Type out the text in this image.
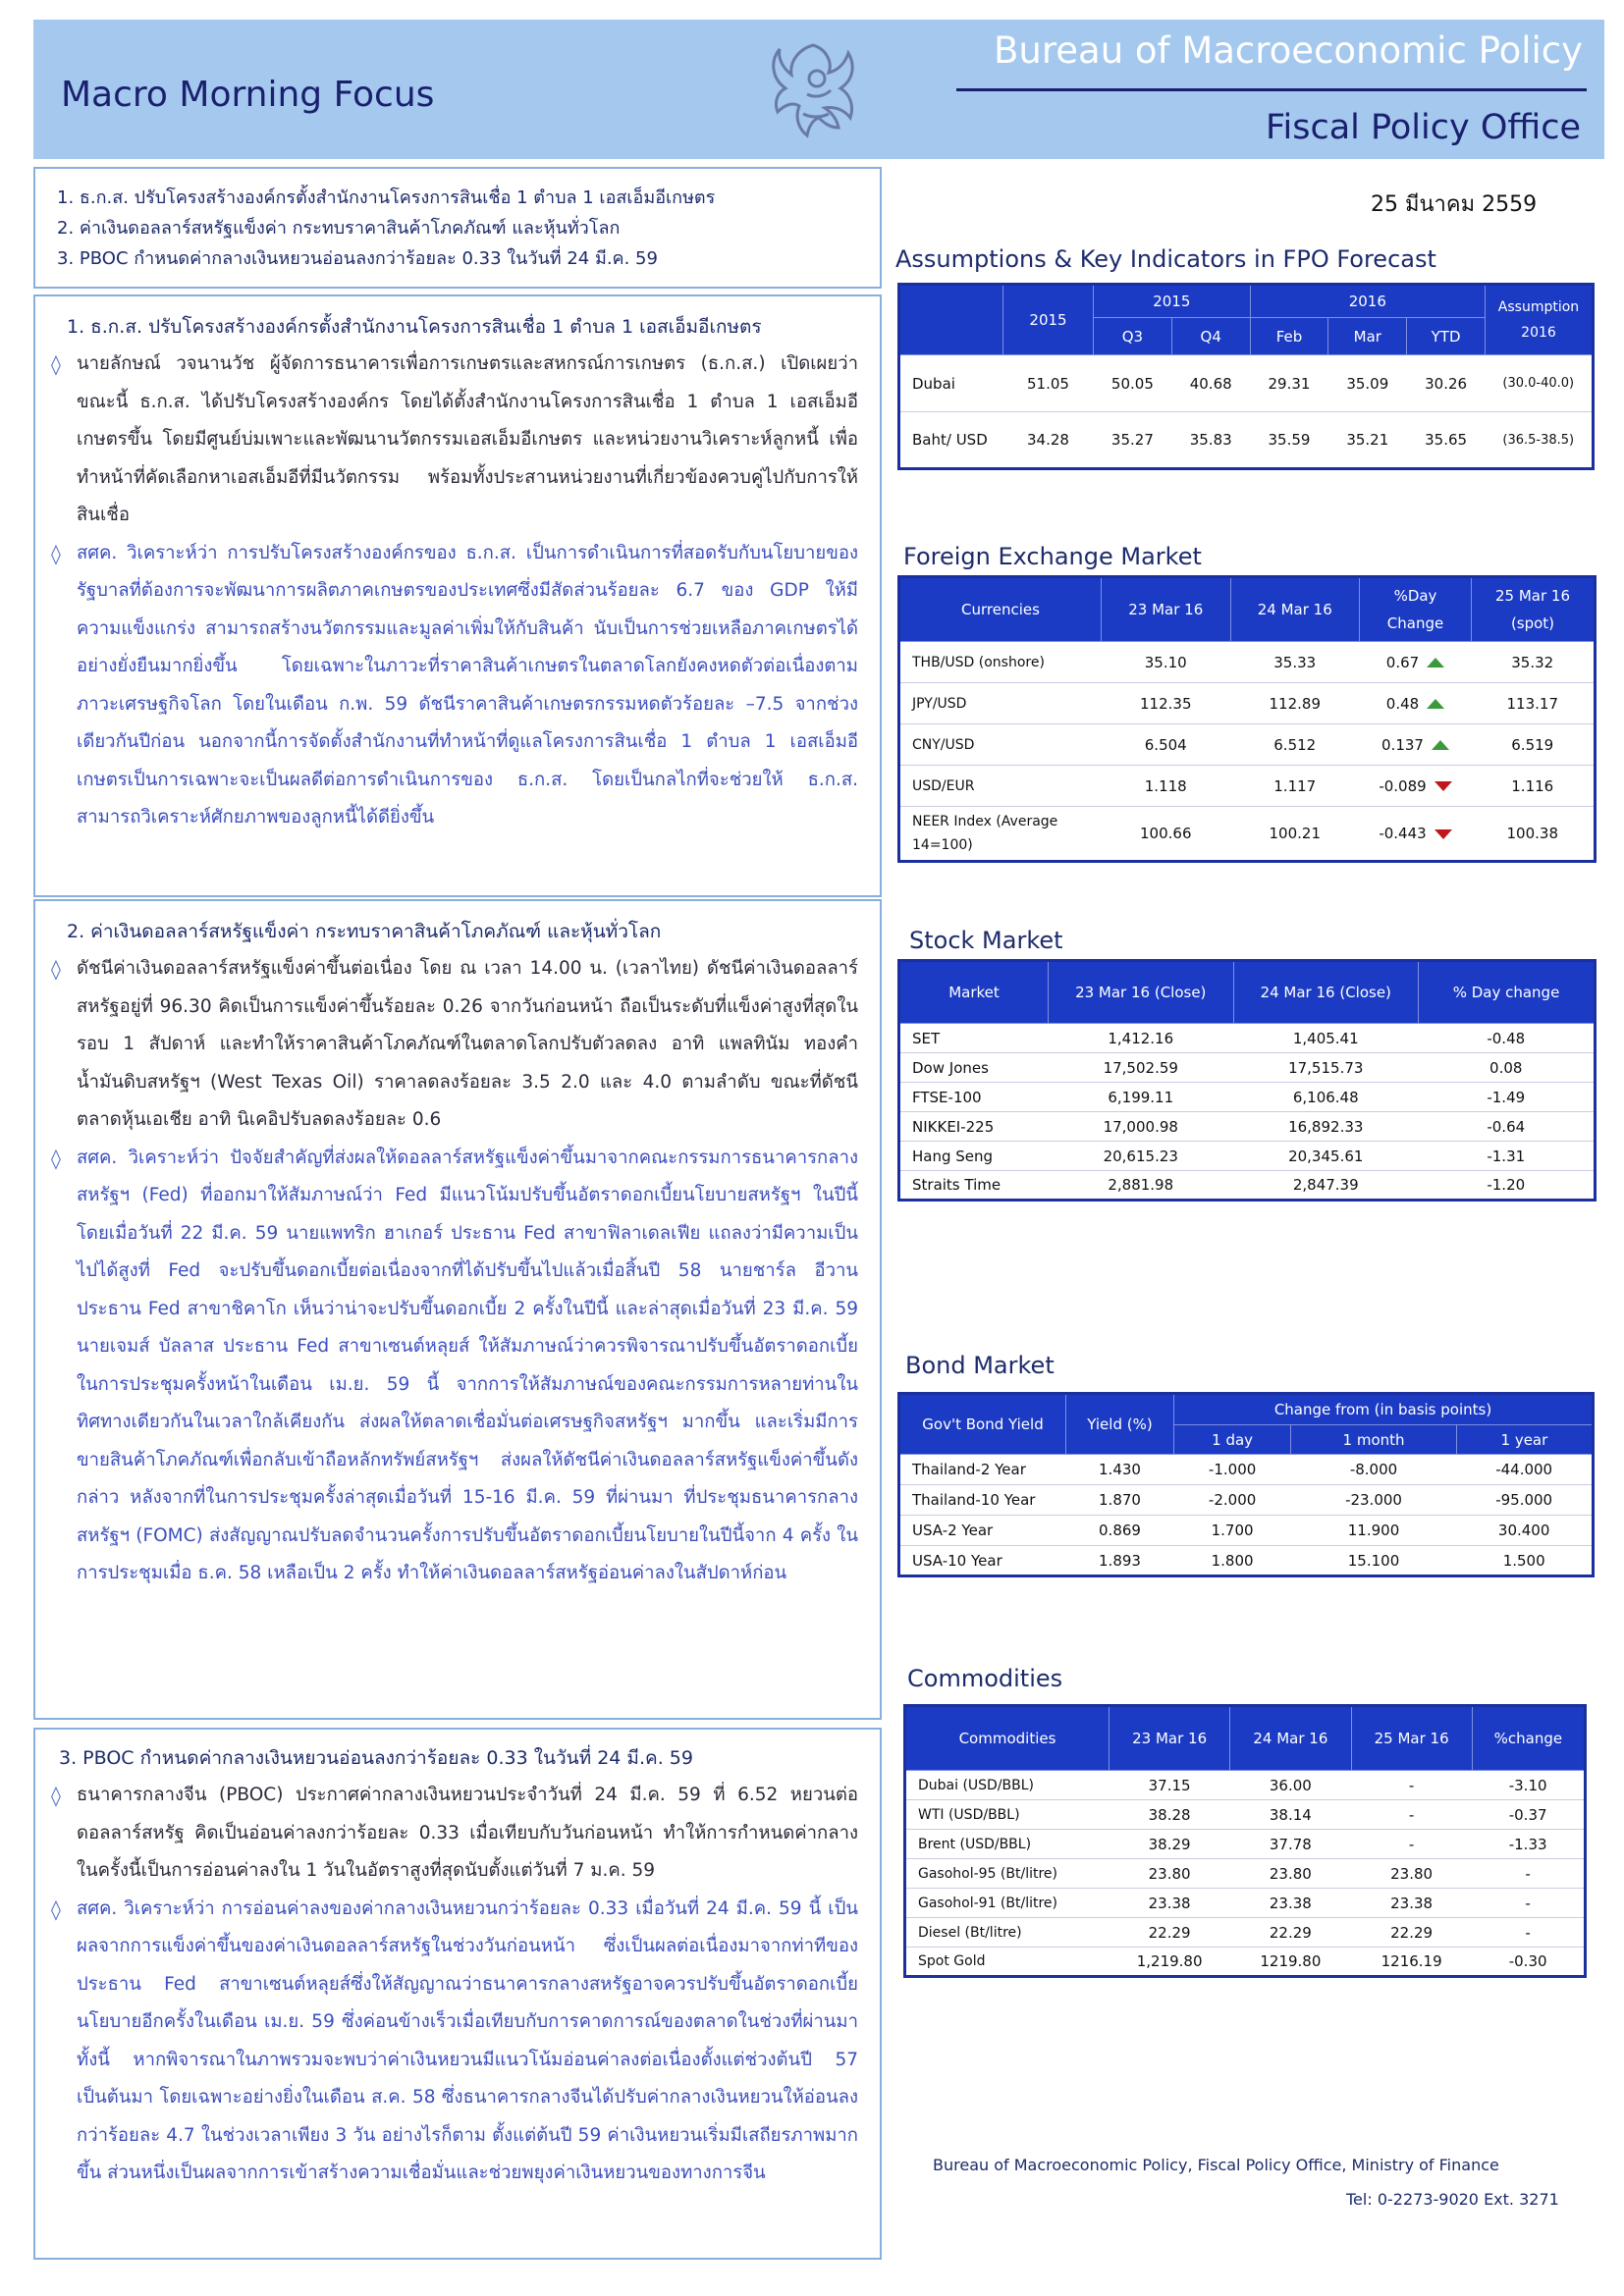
Macro Morning Focus
Bureau of Macroeconomic Policy
Fiscal Policy Office
1. ธ.ก.ส. ปรับโครงสร้างองค์กรตั้งสำนักงานโครงการสินเชื่อ 1 ตำบล 1 เอสเอ็มอีเกษตร
2. ค่าเงินดอลลาร์สหรัฐแข็งค่า กระทบราคาสินค้าโภคภัณฑ์ และหุ้นทั่วโลก
3. PBOC กำหนดค่ากลางเงินหยวนอ่อนลงกว่าร้อยละ 0.33 ในวันที่ 24 มี.ค. 59
1. ธ.ก.ส. ปรับโครงสร้างองค์กรตั้งสำนักงานโครงการสินเชื่อ 1 ตำบล 1 เอสเอ็มอีเกษตร
◊ นายลักษณ์ วจนานวัช ผู้จัดการธนาคารเพื่อการเกษตรและสหกรณ์การเกษตร (ธ.ก.ส.) เปิดเผยว่า ขณะนี้ ธ.ก.ส. ได้ปรับโครงสร้างองค์กร โดยได้ตั้งสำนักงานโครงการสินเชื่อ 1 ตำบล 1 เอสเอ็มอีเกษตรขึ้น โดยมีศูนย์บ่มเพาะและพัฒนานวัตกรรมเอสเอ็มอีเกษตร และหน่วยงานวิเคราะห์ลูกหนี้ เพื่อทำหน้าที่คัดเลือกหาเอสเอ็มอีที่มีนวัตกรรม พร้อมทั้งประสานหน่วยงานที่เกี่ยวข้องควบคู่ไปกับการให้สินเชื่อ
◊ สศค. วิเคราะห์ว่า การปรับโครงสร้างองค์กรของ ธ.ก.ส. เป็นการดำเนินการที่สอดรับกับนโยบายของรัฐบาลที่ต้องการจะพัฒนาการผลิตภาคเกษตรของประเทศซึ่งมีสัดส่วนร้อยละ 6.7 ของ GDP ให้มีความแข็งแกร่ง สามารถสร้างนวัตกรรมและมูลค่าเพิ่มให้กับสินค้า นับเป็นการช่วยเหลือภาคเกษตรได้อย่างยั่งยืนมากยิ่งขึ้น โดยเฉพาะในภาวะที่ราคาสินค้าเกษตรในตลาดโลกยังคงหดตัวต่อเนื่องตามภาวะเศรษฐกิจโลก โดยในเดือน ก.พ. 59 ดัชนีราคาสินค้าเกษตรกรรมหดตัวร้อยละ –7.5 จากช่วงเดียวกันปีก่อน นอกจากนี้การจัดตั้งสำนักงานที่ทำหน้าที่ดูแลโครงการสินเชื่อ 1 ตำบล 1 เอสเอ็มอีเกษตรเป็นการเฉพาะจะเป็นผลดีต่อการดำเนินการของ ธ.ก.ส. โดยเป็นกลไกที่จะช่วยให้ ธ.ก.ส. สามารถวิเคราะห์ศักยภาพของลูกหนี้ได้ดียิ่งขึ้น
2. ค่าเงินดอลลาร์สหรัฐแข็งค่า กระทบราคาสินค้าโภคภัณฑ์ และหุ้นทั่วโลก
◊ ดัชนีค่าเงินดอลลาร์สหรัฐแข็งค่าขึ้นต่อเนื่อง โดย ณ เวลา 14.00 น. (เวลาไทย) ดัชนีค่าเงินดอลลาร์สหรัฐอยู่ที่ 96.30 คิดเป็นการแข็งค่าขึ้นร้อยละ 0.26 จากวันก่อนหน้า ถือเป็นระดับที่แข็งค่าสูงที่สุดในรอบ 1 สัปดาห์ และทำให้ราคาสินค้าโภคภัณฑ์ในตลาดโลกปรับตัวลดลง อาทิ แพลทินัม ทองคำ น้ำมันดิบสหรัฐฯ (West Texas Oil) ราคาลดลงร้อยละ 3.5 2.0 และ 4.0 ตามลำดับ ขณะที่ดัชนีตลาดหุ้นเอเชีย อาทิ นิเคอิปรับลดลงร้อยละ 0.6
◊ สศค. วิเคราะห์ว่า ปัจจัยสำคัญที่ส่งผลให้ดอลลาร์สหรัฐแข็งค่าขึ้นมาจากคณะกรรมการธนาคารกลางสหรัฐฯ (Fed) ที่ออกมาให้สัมภาษณ์ว่า Fed มีแนวโน้มปรับขึ้นอัตราดอกเบี้ยนโยบายสหรัฐฯ ในปีนี้ โดยเมื่อวันที่ 22 มี.ค. 59 นายแพทริก ฮาเกอร์ ประธาน Fed สาขาฟิลาเดลเฟีย แถลงว่ามีความเป็นไปได้สูงที่ Fed จะปรับขึ้นดอกเบี้ยต่อเนื่องจากที่ได้ปรับขึ้นไปแล้วเมื่อสิ้นปี 58 นายชาร์ล อีวาน ประธาน Fed สาขาชิคาโก เห็นว่าน่าจะปรับขึ้นดอกเบี้ย 2 ครั้งในปีนี้ และล่าสุดเมื่อวันที่ 23 มี.ค. 59 นายเจมส์ บัลลาส ประธาน Fed สาขาเซนต์หลุยส์ ให้สัมภาษณ์ว่าควรพิจารณาปรับขึ้นอัตราดอกเบี้ยในการประชุมครั้งหน้าในเดือน เม.ย. 59 นี้ จากการให้สัมภาษณ์ของคณะกรรมการหลายท่านในทิศทางเดียวกันในเวลาใกล้เคียงกัน ส่งผลให้ตลาดเชื่อมั่นต่อเศรษฐกิจสหรัฐฯ มากขึ้น และเริ่มมีการขายสินค้าโภคภัณฑ์เพื่อกลับเข้าถือหลักทรัพย์สหรัฐฯ ส่งผลให้ดัชนีค่าเงินดอลลาร์สหรัฐแข็งค่าขึ้นดังกล่าว หลังจากที่ในการประชุมครั้งล่าสุดเมื่อวันที่ 15-16 มี.ค. 59 ที่ผ่านมา ที่ประชุมธนาคารกลางสหรัฐฯ (FOMC) ส่งสัญญาณปรับลดจำนวนครั้งการปรับขึ้นอัตราดอกเบี้ยนโยบายในปีนี้จาก 4 ครั้ง ในการประชุมเมื่อ ธ.ค. 58 เหลือเป็น 2 ครั้ง ทำให้ค่าเงินดอลลาร์สหรัฐอ่อนค่าลงในสัปดาห์ก่อน
3. PBOC กำหนดค่ากลางเงินหยวนอ่อนลงกว่าร้อยละ 0.33 ในวันที่ 24 มี.ค. 59
◊ ธนาคารกลางจีน (PBOC) ประกาศค่ากลางเงินหยวนประจำวันที่ 24 มี.ค. 59 ที่ 6.52 หยวนต่อดอลลาร์สหรัฐ คิดเป็นอ่อนค่าลงกว่าร้อยละ 0.33 เมื่อเทียบกับวันก่อนหน้า ทำให้การกำหนดค่ากลางในครั้งนี้เป็นการอ่อนค่าลงใน 1 วันในอัตราสูงที่สุดนับตั้งแต่วันที่ 7 ม.ค. 59
◊ สศค. วิเคราะห์ว่า การอ่อนค่าลงของค่ากลางเงินหยวนกว่าร้อยละ 0.33 เมื่อวันที่ 24 มี.ค. 59 นี้ เป็นผลจากการแข็งค่าขึ้นของค่าเงินดอลลาร์สหรัฐในช่วงวันก่อนหน้า ซึ่งเป็นผลต่อเนื่องมาจากท่าทีของประธาน Fed สาขาเซนต์หลุยส์ซึ่งให้สัญญาณว่าธนาคารกลางสหรัฐอาจควรปรับขึ้นอัตราดอกเบี้ยนโยบายอีกครั้งในเดือน เม.ย. 59 ซึ่งค่อนข้างเร็วเมื่อเทียบกับการคาดการณ์ของตลาดในช่วงที่ผ่านมา ทั้งนี้ หากพิจารณาในภาพรวมจะพบว่าค่าเงินหยวนมีแนวโน้มอ่อนค่าลงต่อเนื่องตั้งแต่ช่วงต้นปี 57 เป็นต้นมา โดยเฉพาะอย่างยิ่งในเดือน ส.ค. 58 ซึ่งธนาคารกลางจีนได้ปรับค่ากลางเงินหยวนให้อ่อนลงกว่าร้อยละ 4.7 ในช่วงเวลาเพียง 3 วัน อย่างไรก็ตาม ตั้งแต่ต้นปี 59 ค่าเงินหยวนเริ่มมีเสถียรภาพมากขึ้น ส่วนหนึ่งเป็นผลจากการเข้าสร้างความเชื่อมั่นและช่วยพยุงค่าเงินหยวนของทางการจีน
25 มีนาคม 2559
Assumptions & Key Indicators in FPO Forecast
	2015	2015		2016			Assumption 2016
		Q3	Q4	Feb	Mar	YTD	
Dubai	51.05	50.05	40.68	29.31	35.09	30.26	(30.0-40.0)
Baht/ USD	34.28	35.27	35.83	35.59	35.21	35.65	(36.5-38.5)
Foreign Exchange Market
Currencies	23 Mar 16	24 Mar 16	%Day Change	25 Mar 16 (spot)
THB/USD (onshore)	35.10	35.33	0.67	35.32
JPY/USD	112.35	112.89	0.48	113.17
CNY/USD	6.504	6.512	0.137	6.519
USD/EUR	1.118	1.117	-0.089	1.116
NEER Index (Average 14=100)	100.66	100.21	-0.443	100.38
Stock Market
Market	23 Mar 16 (Close)	24 Mar 16 (Close)	% Day change
SET	1,412.16	1,405.41	-0.48
Dow Jones	17,502.59	17,515.73	0.08
FTSE-100	6,199.11	6,106.48	-1.49
NIKKEI-225	17,000.98	16,892.33	-0.64
Hang Seng	20,615.23	20,345.61	-1.31
Straits Time	2,881.98	2,847.39	-1.20
Bond Market
Gov't Bond Yield	Yield (%)	Change from (in basis points)		
		1 day	1 month	1 year
Thailand-2 Year	1.430	-1.000	-8.000	-44.000
Thailand-10 Year	1.870	-2.000	-23.000	-95.000
USA-2 Year	0.869	1.700	11.900	30.400
USA-10 Year	1.893	1.800	15.100	1.500
Commodities
Commodities	23 Mar 16	24 Mar 16	25 Mar 16	%change
Dubai (USD/BBL)	37.15	36.00	-	-3.10
WTI (USD/BBL)	38.28	38.14	-	-0.37
Brent (USD/BBL)	38.29	37.78	-	-1.33
Gasohol-95 (Bt/litre)	23.80	23.80	23.80	-
Gasohol-91 (Bt/litre)	23.38	23.38	23.38	-
Diesel (Bt/litre)	22.29	22.29	22.29	-
Spot Gold	1,219.80	1219.80	1216.19	-0.30
Bureau of Macroeconomic Policy, Fiscal Policy Office, Ministry of Finance
Tel: 0-2273-9020 Ext. 3271
